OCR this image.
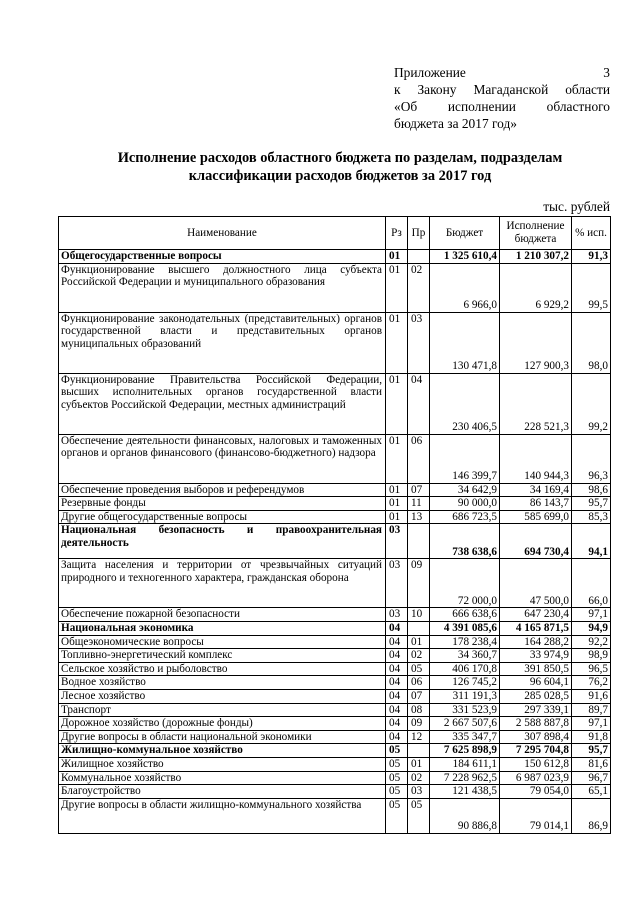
Приложение 3
к Закону Магаданской области
«Об исполнении областного
бюджета за 2017 год»
Исполнение расходов областного бюджета по разделам, подразделам
классификации расходов бюджетов за 2017 год
тыс. рублей
Наименование	Рз	Пр	Бюджет	Исполнение бюджета	% исп.
Общегосударственные вопросы	01		1 325 610,4	1 210 307,2	91,3
Функционирование высшего должностного лица субъекта Российской Федерации и муниципального образования	01	02	6 966,0	6 929,2	99,5
Функционирование законодательных (представительных) органов государственной власти и представительных органов муниципальных образований	01	03	130 471,8	127 900,3	98,0
Функционирование Правительства Российской Федерации, высших исполнительных органов государственной власти субъектов Российской Федерации, местных администраций	01	04	230 406,5	228 521,3	99,2
Обеспечение деятельности финансовых, налоговых и таможенных органов и органов финансового (финансово-бюджетного) надзора	01	06	146 399,7	140 944,3	96,3
Обеспечение проведения выборов и референдумов	01	07	34 642,9	34 169,4	98,6
Резервные фонды	01	11	90 000,0	86 143,7	95,7
Другие общегосударственные вопросы	01	13	686 723,5	585 699,0	85,3
Национальная безопасность и правоохранительная деятельность	03		738 638,6	694 730,4	94,1
Защита населения и территории от чрезвычайных ситуаций природного и техногенного характера, гражданская оборона	03	09	72 000,0	47 500,0	66,0
Обеспечение пожарной безопасности	03	10	666 638,6	647 230,4	97,1
Национальная экономика	04		4 391 085,6	4 165 871,5	94,9
Общеэкономические вопросы	04	01	178 238,4	164 288,2	92,2
Топливно-энергетический комплекс	04	02	34 360,7	33 974,9	98,9
Сельское хозяйство и рыболовство	04	05	406 170,8	391 850,5	96,5
Водное хозяйство	04	06	126 745,2	96 604,1	76,2
Лесное хозяйство	04	07	311 191,3	285 028,5	91,6
Транспорт	04	08	331 523,9	297 339,1	89,7
Дорожное хозяйство (дорожные фонды)	04	09	2 667 507,6	2 588 887,8	97,1
Другие вопросы в области национальной экономики	04	12	335 347,7	307 898,4	91,8
Жилищно-коммунальное хозяйство	05		7 625 898,9	7 295 704,8	95,7
Жилищное хозяйство	05	01	184 611,1	150 612,8	81,6
Коммунальное хозяйство	05	02	7 228 962,5	6 987 023,9	96,7
Благоустройство	05	03	121 438,5	79 054,0	65,1
Другие вопросы в области жилищно-коммунального хозяйства	05	05	90 886,8	79 014,1	86,9
